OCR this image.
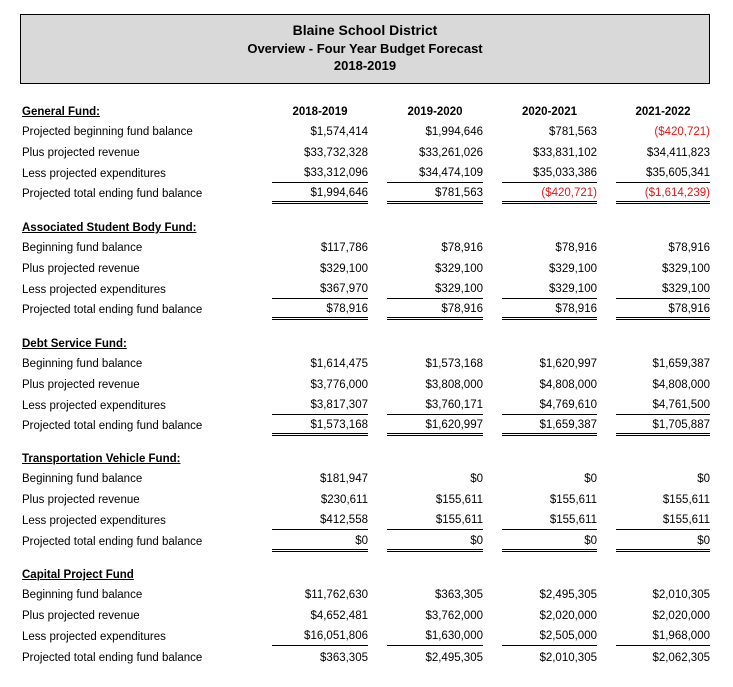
Blaine School District
Overview - Four Year Budget Forecast
2018-2019
General Fund:	2018-2019	2019-2020	2020-2021	2021-2022
Projected beginning fund balance	$1,574,414	$1,994,646	$781,563	($420,721)
Plus projected revenue	$33,732,328	$33,261,026	$33,831,102	$34,411,823
Less projected expenditures	$33,312,096	$34,474,109	$35,033,386	$35,605,341
Projected total ending fund balance	$1,994,646	$781,563	($420,721)	($1,614,239)
Associated Student Body Fund:
Beginning fund balance	$117,786	$78,916	$78,916	$78,916
Plus projected revenue	$329,100	$329,100	$329,100	$329,100
Less projected expenditures	$367,970	$329,100	$329,100	$329,100
Projected total ending fund balance	$78,916	$78,916	$78,916	$78,916
Debt Service Fund:
Beginning fund balance	$1,614,475	$1,573,168	$1,620,997	$1,659,387
Plus projected revenue	$3,776,000	$3,808,000	$4,808,000	$4,808,000
Less projected expenditures	$3,817,307	$3,760,171	$4,769,610	$4,761,500
Projected total ending fund balance	$1,573,168	$1,620,997	$1,659,387	$1,705,887
Transportation Vehicle Fund:
Beginning fund balance	$181,947	$0	$0	$0
Plus projected revenue	$230,611	$155,611	$155,611	$155,611
Less projected expenditures	$412,558	$155,611	$155,611	$155,611
Projected total ending fund balance	$0	$0	$0	$0
Capital Project Fund
Beginning fund balance	$11,762,630	$363,305	$2,495,305	$2,010,305
Plus projected revenue	$4,652,481	$3,762,000	$2,020,000	$2,020,000
Less projected expenditures	$16,051,806	$1,630,000	$2,505,000	$1,968,000
Projected total ending fund balance	$363,305	$2,495,305	$2,010,305	$2,062,305
